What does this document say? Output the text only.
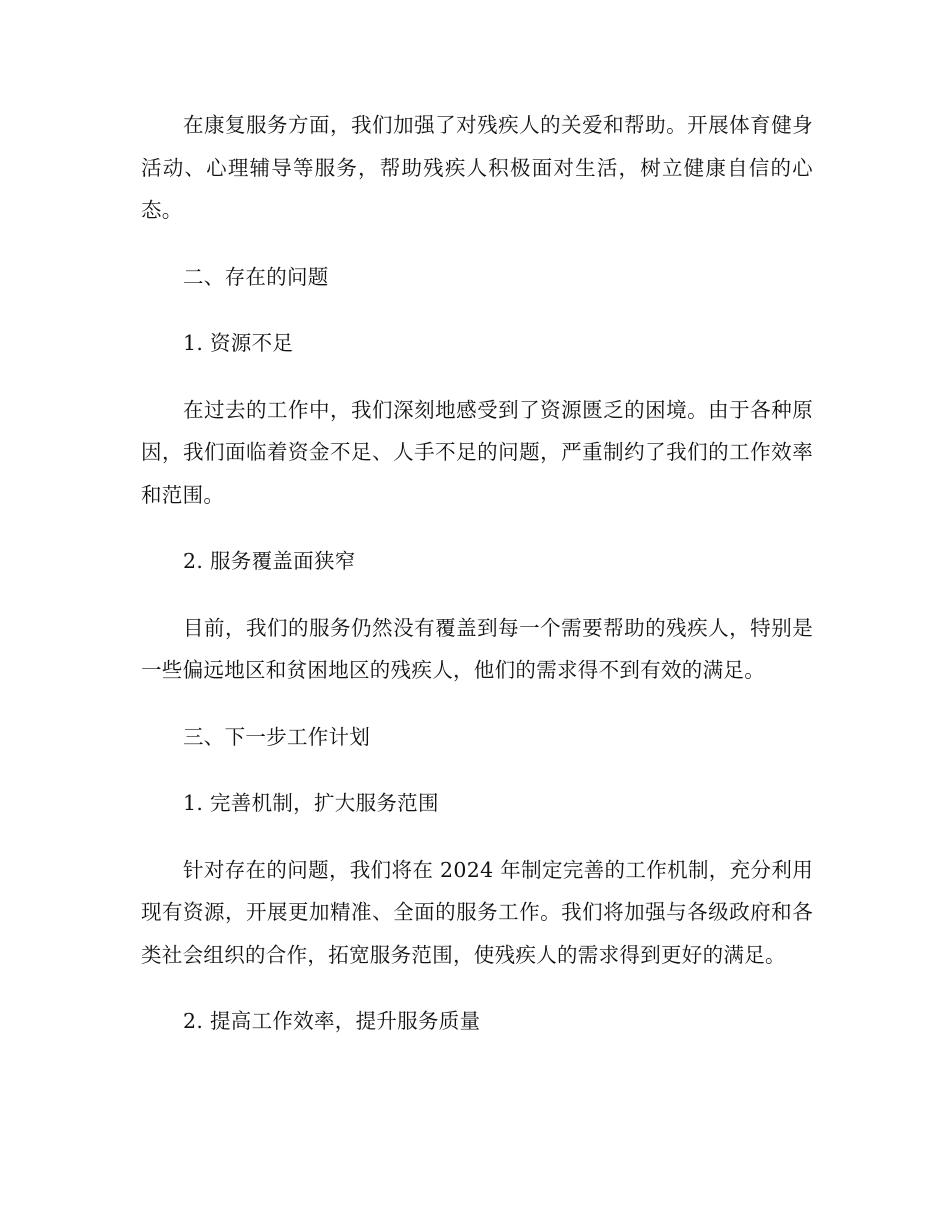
在康复服务方面，我们加强了对残疾人的关爱和帮助。开展体育健身活动、心理辅导等服务，帮助残疾人积极面对生活，树立健康自信的心态。

二、存在的问题

1. 资源不足

在过去的工作中，我们深刻地感受到了资源匮乏的困境。由于各种原因，我们面临着资金不足、人手不足的问题，严重制约了我们的工作效率和范围。

2. 服务覆盖面狭窄

目前，我们的服务仍然没有覆盖到每一个需要帮助的残疾人，特别是一些偏远地区和贫困地区的残疾人，他们的需求得不到有效的满足。

三、下一步工作计划

1. 完善机制，扩大服务范围

针对存在的问题，我们将在 2024 年制定完善的工作机制，充分利用现有资源，开展更加精准、全面的服务工作。我们将加强与各级政府和各类社会组织的合作，拓宽服务范围，使残疾人的需求得到更好的满足。

2. 提高工作效率，提升服务质量
